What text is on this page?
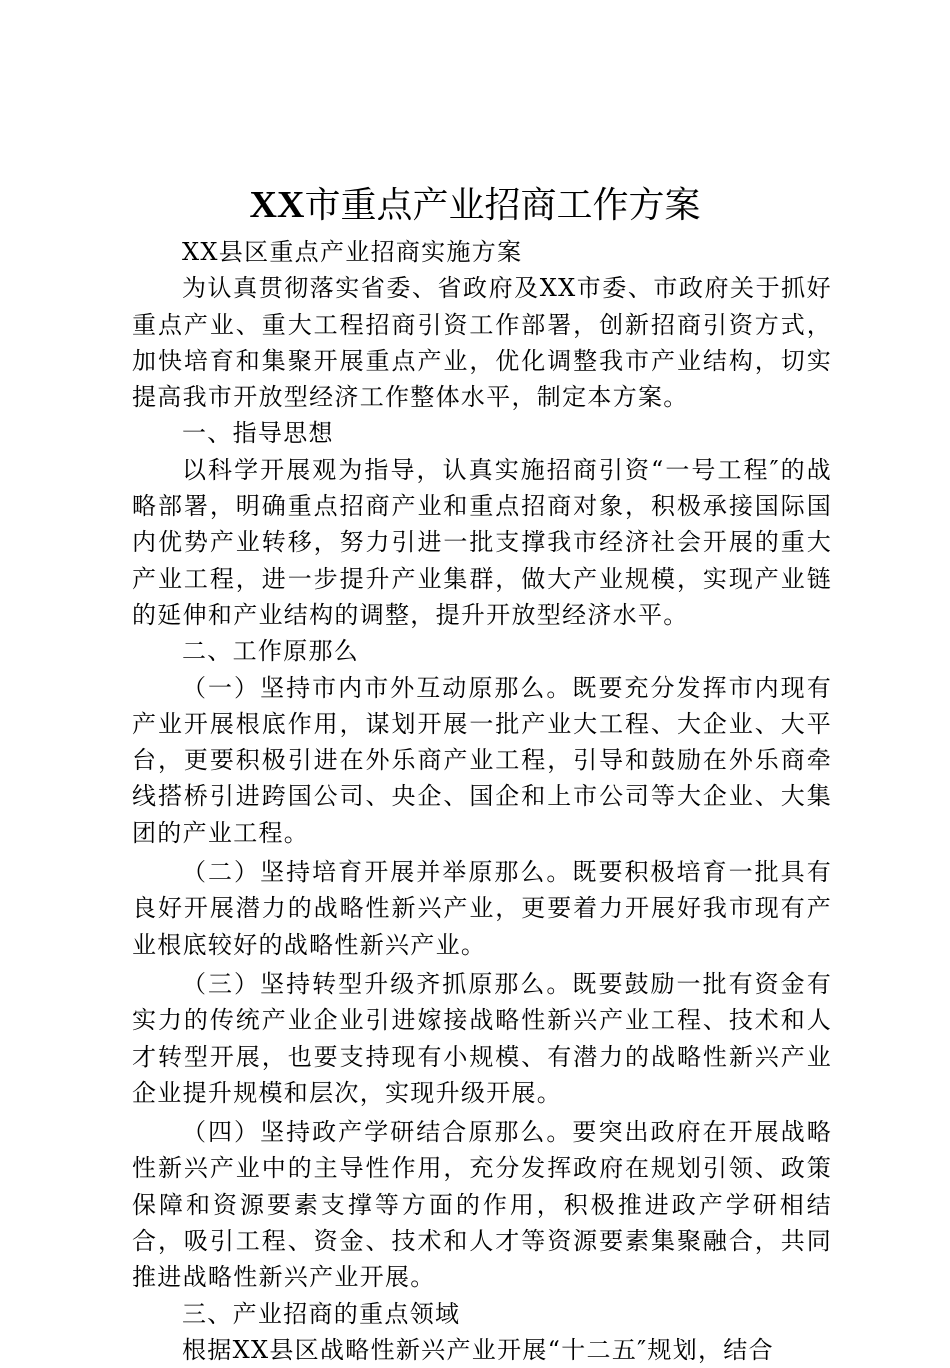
XX市重点产业招商工作方案

XX县区重点产业招商实施方案

为认真贯彻落实省委、省政府及XX市委、市政府关于抓好重点产业、重大工程招商引资工作部署，创新招商引资方式，加快培育和集聚开展重点产业，优化调整我市产业结构，切实提高我市开放型经济工作整体水平，制定本方案。

一、指导思想

以科学开展观为指导，认真实施招商引资“一号工程″的战略部署，明确重点招商产业和重点招商对象，积极承接国际国内优势产业转移，努力引进一批支撑我市经济社会开展的重大产业工程，进一步提升产业集群，做大产业规模，实现产业链的延伸和产业结构的调整，提升开放型经济水平。

二、工作原那么

（一）坚持市内市外互动原那么。既要充分发挥市内现有产业开展根底作用，谋划开展一批产业大工程、大企业、大平台，更要积极引进在外乐商产业工程，引导和鼓励在外乐商牵线搭桥引进跨国公司、央企、国企和上市公司等大企业、大集团的产业工程。

（二）坚持培育开展并举原那么。既要积极培育一批具有良好开展潜力的战略性新兴产业，更要着力开展好我市现有产业根底较好的战略性新兴产业。

（三）坚持转型升级齐抓原那么。既要鼓励一批有资金有实力的传统产业企业引进嫁接战略性新兴产业工程、技术和人才转型开展，也要支持现有小规模、有潜力的战略性新兴产业企业提升规模和层次，实现升级开展。

（四）坚持政产学研结合原那么。要突出政府在开展战略性新兴产业中的主导性作用，充分发挥政府在规划引领、政策保障和资源要素支撑等方面的作用，积极推进政产学研相结合，吸引工程、资金、技术和人才等资源要素集聚融合，共同推进战略性新兴产业开展。

三、产业招商的重点领域

根据XX县区战略性新兴产业开展“十二五″规划，结合
